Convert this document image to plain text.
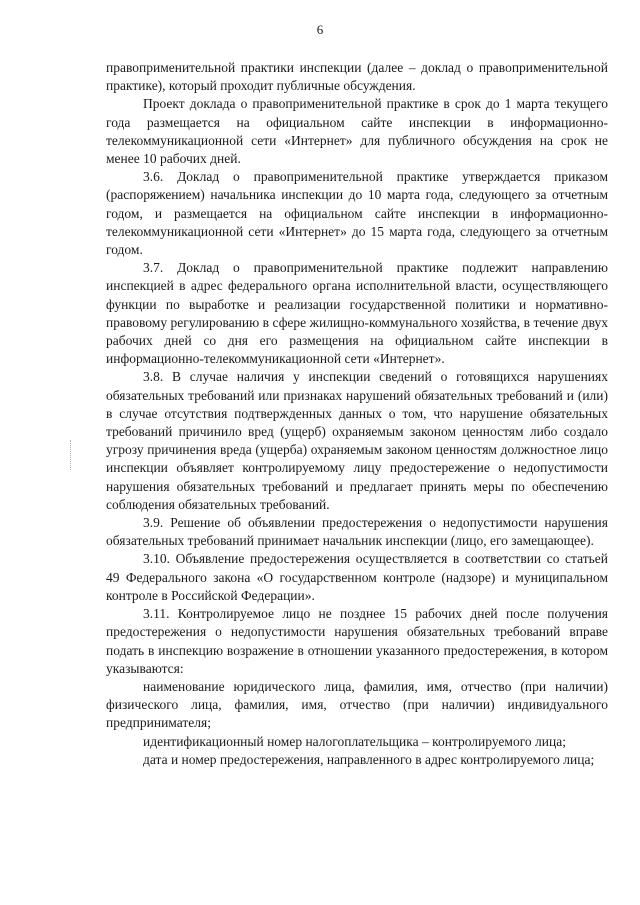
6

правоприменительной практики инспекции (далее – доклад о правоприменительной практике), который проходит публичные обсуждения.

Проект доклада о правоприменительной практике в срок до 1 марта текущего года размещается на официальном сайте инспекции в информационно-телекоммуникационной сети «Интернет» для публичного обсуждения на срок не менее 10 рабочих дней.

3.6. Доклад о правоприменительной практике утверждается приказом (распоряжением) начальника инспекции до 10 марта года, следующего за отчетным годом, и размещается на официальном сайте инспекции в информационно-телекоммуникационной сети «Интернет» до 15 марта года, следующего за отчетным годом.

3.7. Доклад о правоприменительной практике подлежит направлению инспекцией в адрес федерального органа исполнительной власти, осуществляющего функции по выработке и реализации государственной политики и нормативно-правовому регулированию в сфере жилищно-коммунального хозяйства, в течение двух рабочих дней со дня его размещения на официальном сайте инспекции в информационно-телекоммуникационной сети «Интернет».

3.8. В случае наличия у инспекции сведений о готовящихся нарушениях обязательных требований или признаках нарушений обязательных требований и (или) в случае отсутствия подтвержденных данных о том, что нарушение обязательных требований причинило вред (ущерб) охраняемым законом ценностям либо создало угрозу причинения вреда (ущерба) охраняемым законом ценностям должностное лицо инспекции объявляет контролируемому лицу предостережение о недопустимости нарушения обязательных требований и предлагает принять меры по обеспечению соблюдения обязательных требований.

3.9. Решение об объявлении предостережения о недопустимости нарушения обязательных требований принимает начальник инспекции (лицо, его замещающее).

3.10. Объявление предостережения осуществляется в соответствии со статьей 49 Федерального закона «О государственном контроле (надзоре) и муниципальном контроле в Российской Федерации».

3.11. Контролируемое лицо не позднее 15 рабочих дней после получения предостережения о недопустимости нарушения обязательных требований вправе подать в инспекцию возражение в отношении указанного предостережения, в котором указываются:

наименование юридического лица, фамилия, имя, отчество (при наличии) физического лица, фамилия, имя, отчество (при наличии) индивидуального предпринимателя;

идентификационный номер налогоплательщика – контролируемого лица;

дата и номер предостережения, направленного в адрес контролируемого лица;
